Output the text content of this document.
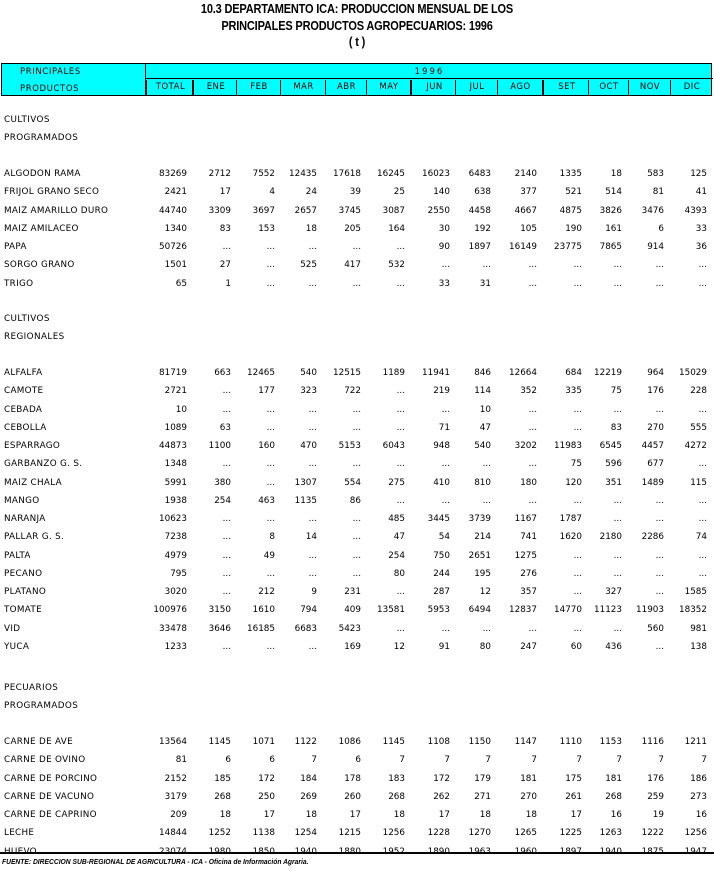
10.3 DEPARTAMENTO ICA: PRODUCCION MENSUAL DE LOS
PRINCIPALES PRODUCTOS AGROPECUARIOS: 1996
( t )
PRINCIPALES
PRODUCTOS
1996
TOTAL	ENE	FEB	MAR	ABR	MAY	JUN	JUL	AGO	SET	OCT	NOV	DIC
CULTIVOS
PROGRAMADOS
ALGODON RAMA	83269 2712 7552 12435 17618 16245 16023 6483	2140	1335	18	583	125
FRIJOL GRANO SECO	2421	17	4	24	39	25	140	638	377	521	514	81	41
MAIZ AMARILLO DURO	44740 3309 3697 2657 3745 3087	2550 4458	4667	4875 3826 3476 4393
MAIZ AMILACEO	1340	83	153	18	205	164	30	192	105	190	161	6	33
PAPA	50726	...	...	...	...	...	90 1897 16149 23775 7865	914	36
SORGO GRANO	1501	27	...	525	417	532	...	...	...	...	...	...	...
TRIGO	65	1	...	...	...	...	33	31	...	...	...	...	...
CULTIVOS
REGIONALES
ALFALFA	81719	663 12465	540 12515 1189 11941	846 12664	684 12219	964 15029
CAMOTE	2721	...	177	323	722	...	219	114	352	335	75	176	228
CEBADA	10	...	...	...	...	...	...	10	...	...	...	...	...
CEBOLLA	1089	63	...	...	...	...	71	47	...	...	83	270	555
ESPARRAGO	44873 1100	160	470 5153 6043	948	540	3202 11983 6545 4457 4272
GARBANZO G. S.	1348	...	...	...	...	...	...	...	...	75	596	677	...
MAIZ CHALA	5991	380	... 1307	554	275	410	810	180	120	351 1489	115
MANGO	1938	254	463 1135	86	...	...	...	...	...	...	...	...
NARANJA	10623	...	...	...	...	485	3445 3739	1167	1787	...	...	...
PALLAR G. S.	7238	...	8	14	...	47	54	214	741	1620 2180 2286	74
PALTA	4979	...	49	...	...	254	750 2651	1275	...	...	...	...
PECANO	795	...	...	...	...	80	244	195	276	...	...	...	...
PLATANO	3020	...	212	9	231	...	287	12	357	...	327	... 1585
TOMATE	100976 3150 1610	794	409 13581	5953 6494 12837 14770 11123 11903 18352
VID	33478 3646 16185 6683 5423	...	...	...	...	...	...	560	981
YUCA	1233	...	...	...	169	12	91	80	247	60	436	...	138
PECUARIOS
PROGRAMADOS
CARNE DE AVE	13564 1145 1071 1122 1086 1145	1108 1150	1147	1110 1153 1116 1211
CARNE DE OVINO	81	6	6	7	6	7	7	7	7	7	7	7	7
CARNE DE PORCINO	2152	185	172	184	178	183	172	179	181	175	181	176	186
CARNE DE VACUNO	3179	268	250	269	260	268	262	271	270	261	268	259	273
CARNE DE CAPRINO	209	18	17	18	17	18	17	18	18	17	16	19	16
LECHE	14844 1252 1138 1254 1215 1256	1228 1270	1265	1225 1263 1222 1256
FUENTE: DIRECCION SUB-REGIONAL DE AGRICULTURA - ICA - Oficina de Información Agraria.
